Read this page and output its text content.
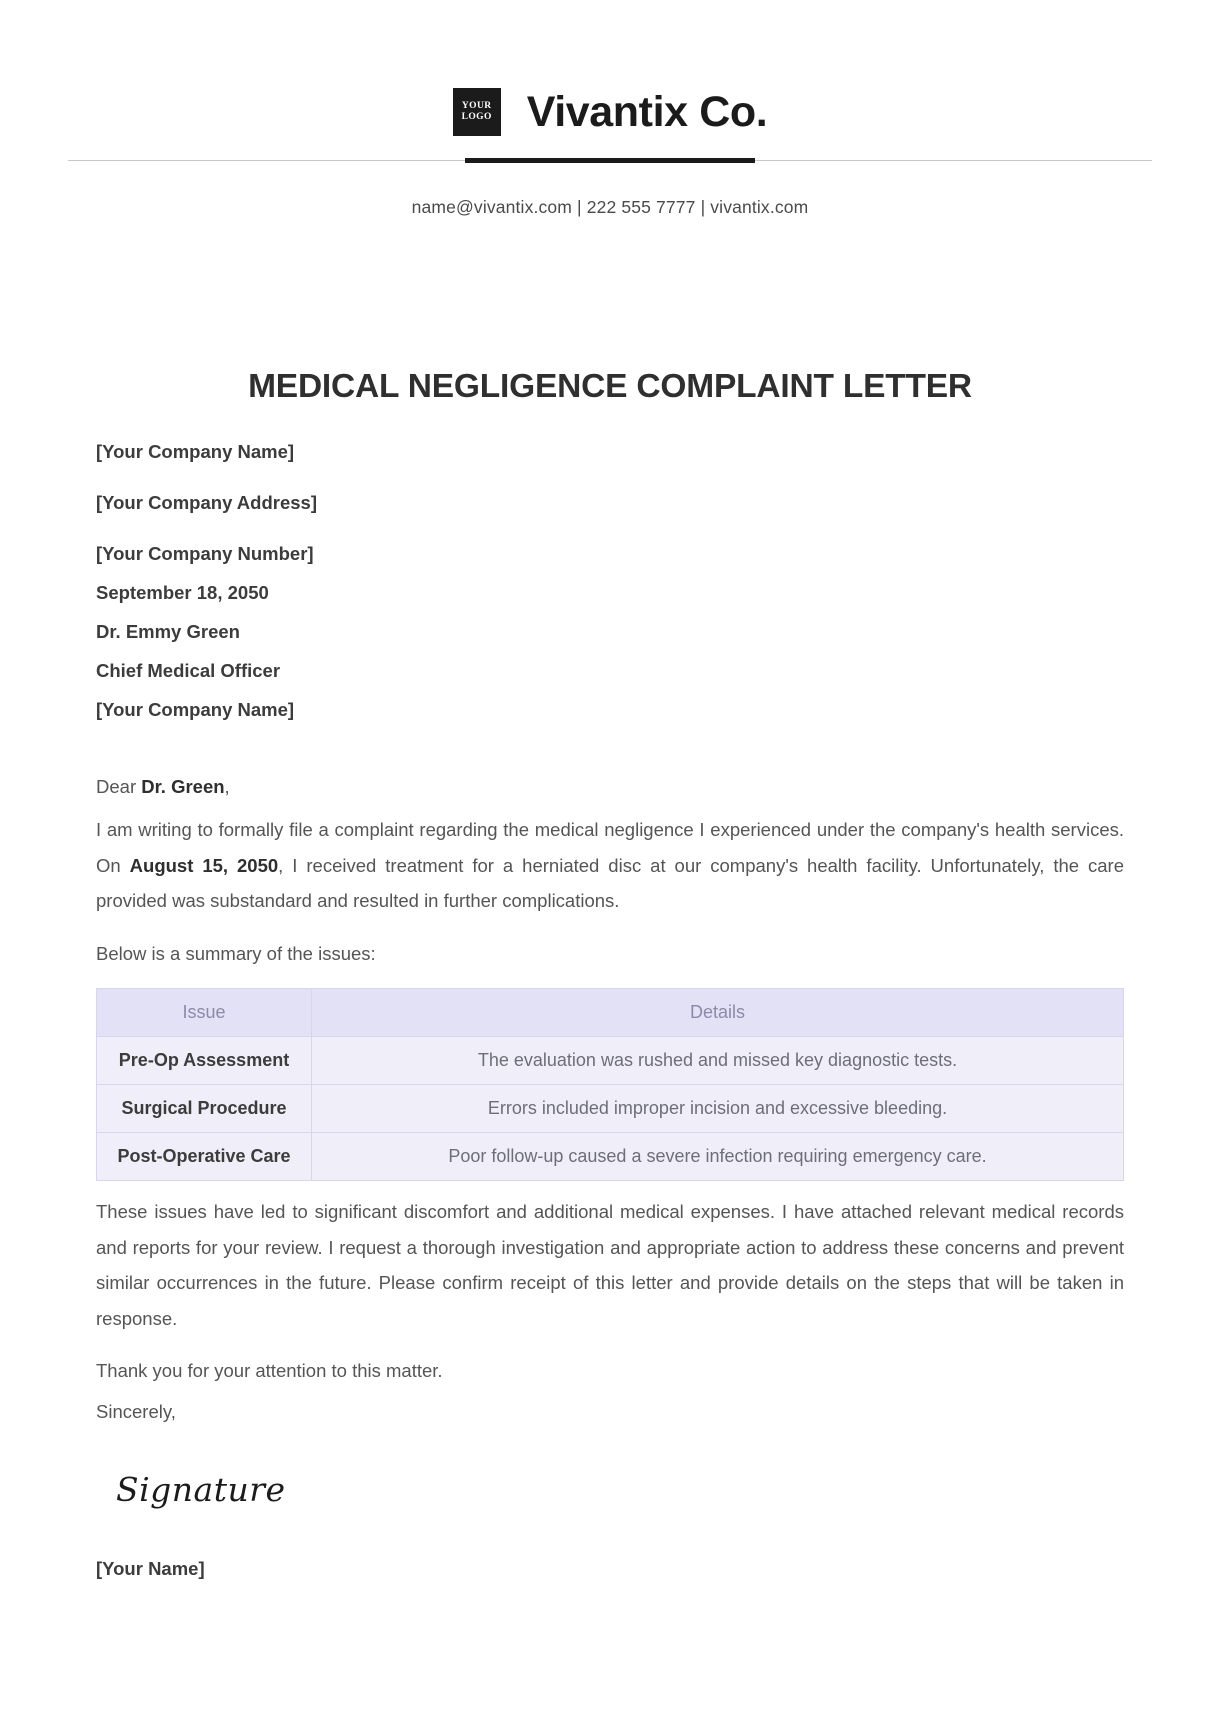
YOUR
LOGO Vivantix Co.
name@vivantix.com | 222 555 7777 | vivantix.com
MEDICAL NEGLIGENCE COMPLAINT LETTER
[Your Company Name]
[Your Company Address]
[Your Company Number]
September 18, 2050
Dr. Emmy Green
Chief Medical Officer
[Your Company Name]
Dear Dr. Green,

I am writing to formally file a complaint regarding the medical negligence I experienced under the company's health services. On August 15, 2050, I received treatment for a herniated disc at our company's health facility. Unfortunately, the care provided was substandard and resulted in further complications.

Below is a summary of the issues:
Issue	Details
Pre-Op Assessment	The evaluation was rushed and missed key diagnostic tests.
Surgical Procedure	Errors included improper incision and excessive bleeding.
Post-Operative Care	Poor follow-up caused a severe infection requiring emergency care.

These issues have led to significant discomfort and additional medical expenses. I have attached relevant medical records and reports for your review. I request a thorough investigation and appropriate action to address these concerns and prevent similar occurrences in the future. Please confirm receipt of this letter and provide details on the steps that will be taken in response.

Thank you for your attention to this matter.
Sincerely,
Signature
[Your Name]
